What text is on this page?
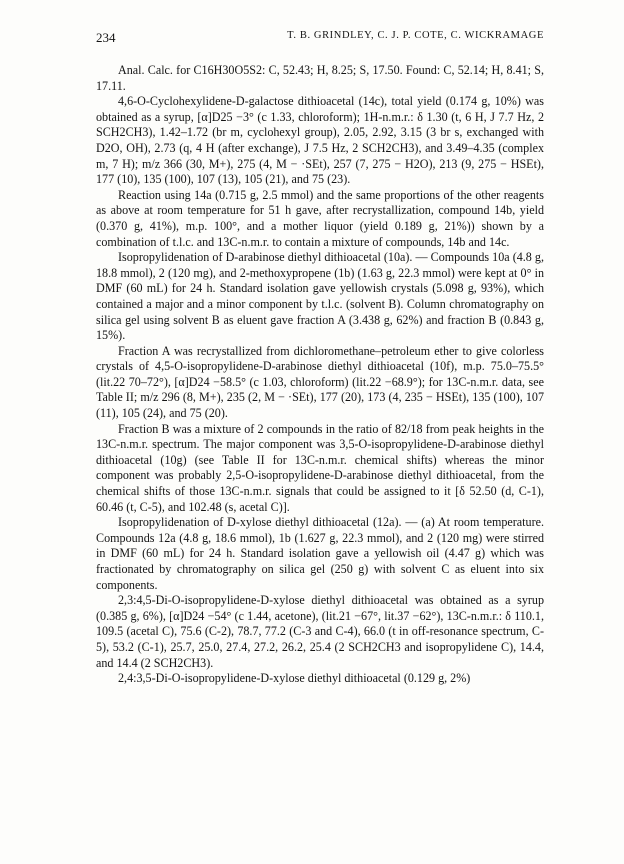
234	T. B. GRINDLEY, C. J. P. COTE, C. WICKRAMAGE

Anal. Calc. for C16H30O5S2: C, 52.43; H, 8.25; S, 17.50. Found: C, 52.14; H, 8.41; S, 17.11.

4,6-O-Cyclohexylidene-D-galactose dithioacetal (14c), total yield (0.174 g, 10%) was obtained as a syrup, [α]D25 −3° (c 1.33, chloroform); 1H-n.m.r.: δ 1.30 (t, 6 H, J 7.7 Hz, 2 SCH2CH3), 1.42–1.72 (br m, cyclohexyl group), 2.05, 2.92, 3.15 (3 br s, exchanged with D2O, OH), 2.73 (q, 4 H (after exchange), J 7.5 Hz, 2 SCH2CH3), and 3.49–4.35 (complex m, 7 H); m/z 366 (30, M+), 275 (4, M − ·SEt), 257 (7, 275 − H2O), 213 (9, 275 − HSEt), 177 (10), 135 (100), 107 (13), 105 (21), and 75 (23).

Reaction using 14a (0.715 g, 2.5 mmol) and the same proportions of the other reagents as above at room temperature for 51 h gave, after recrystallization, compound 14b, yield (0.370 g, 41%), m.p. 100°, and a mother liquor (yield 0.189 g, 21%)) shown by a combination of t.l.c. and 13C-n.m.r. to contain a mixture of compounds, 14b and 14c.

Isopropylidenation of D-arabinose diethyl dithioacetal (10a). — Compounds 10a (4.8 g, 18.8 mmol), 2 (120 mg), and 2-methoxypropene (1b) (1.63 g, 22.3 mmol) were kept at 0° in DMF (60 mL) for 24 h. Standard isolation gave yellowish crystals (5.098 g, 93%), which contained a major and a minor component by t.l.c. (solvent B). Column chromatography on silica gel using solvent B as eluent gave fraction A (3.438 g, 62%) and fraction B (0.843 g, 15%).

Fraction A was recrystallized from dichloromethane–petroleum ether to give colorless crystals of 4,5-O-isopropylidene-D-arabinose diethyl dithioacetal (10f), m.p. 75.0–75.5° (lit.22 70–72°), [α]D24 −58.5° (c 1.03, chloroform) (lit.22 −68.9°); for 13C-n.m.r. data, see Table II; m/z 296 (8, M+), 235 (2, M − ·SEt), 177 (20), 173 (4, 235 − HSEt), 135 (100), 107 (11), 105 (24), and 75 (20).

Fraction B was a mixture of 2 compounds in the ratio of 82/18 from peak heights in the 13C-n.m.r. spectrum. The major component was 3,5-O-isopropylidene-D-arabinose diethyl dithioacetal (10g) (see Table II for 13C-n.m.r. chemical shifts) whereas the minor component was probably 2,5-O-isopropylidene-D-arabinose diethyl dithioacetal, from the chemical shifts of those 13C-n.m.r. signals that could be assigned to it [δ 52.50 (d, C-1), 60.46 (t, C-5), and 102.48 (s, acetal C)].

Isopropylidenation of D-xylose diethyl dithioacetal (12a). — (a) At room temperature. Compounds 12a (4.8 g, 18.6 mmol), 1b (1.627 g, 22.3 mmol), and 2 (120 mg) were stirred in DMF (60 mL) for 24 h. Standard isolation gave a yellowish oil (4.47 g) which was fractionated by chromatography on silica gel (250 g) with solvent C as eluent into six components.

2,3:4,5-Di-O-isopropylidene-D-xylose diethyl dithioacetal was obtained as a syrup (0.385 g, 6%), [α]D24 −54° (c 1.44, acetone), (lit.21 −67°, lit.37 −62°), 13C-n.m.r.: δ 110.1, 109.5 (acetal C), 75.6 (C-2), 78.7, 77.2 (C-3 and C-4), 66.0 (t in off-resonance spectrum, C-5), 53.2 (C-1), 25.7, 25.0, 27.4, 27.2, 26.2, 25.4 (2 SCH2CH3 and isopropylidene C), 14.4, and 14.4 (2 SCH2CH3).

2,4:3,5-Di-O-isopropylidene-D-xylose diethyl dithioacetal (0.129 g, 2%)
